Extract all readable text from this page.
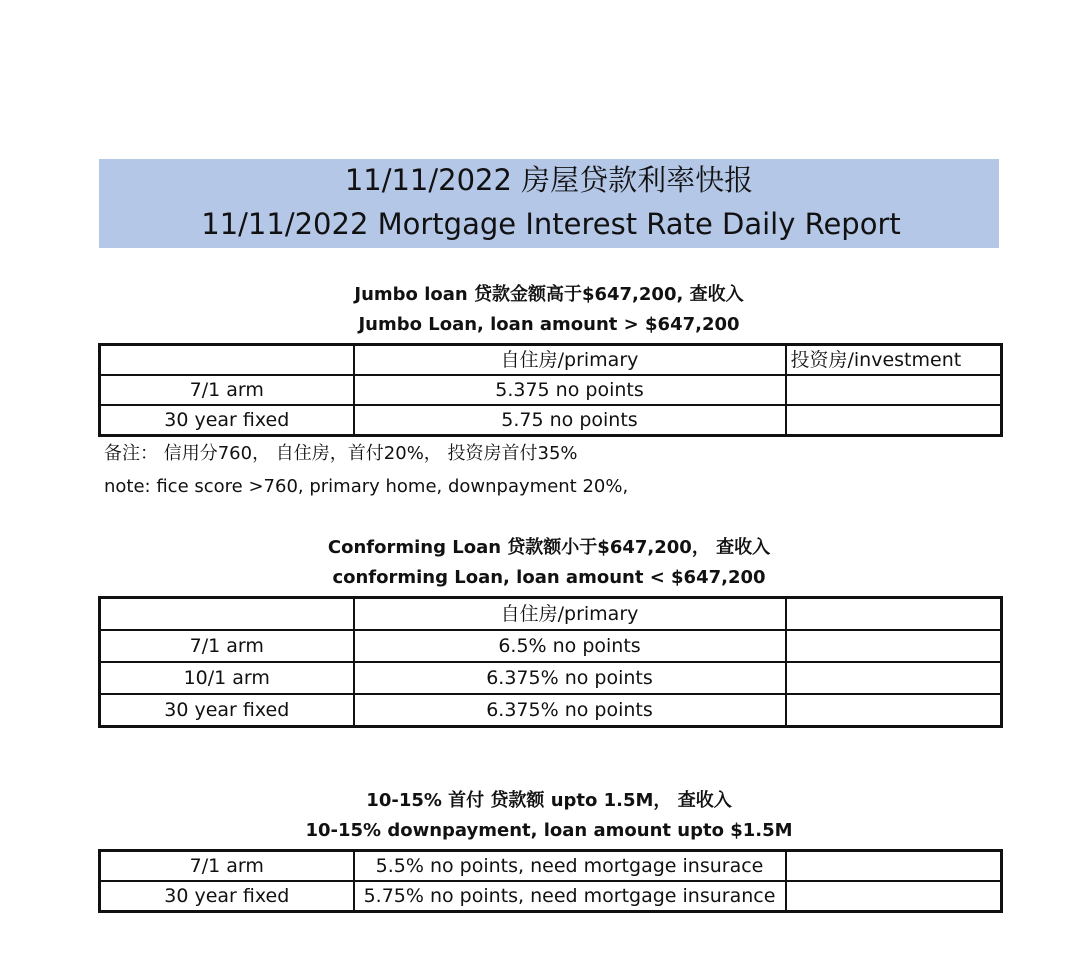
11/11/2022 房屋贷款利率快报
11/11/2022 Mortgage Interest Rate Daily Report
Jumbo loan 贷款金额高于$647,200, 查收入
Jumbo Loan, loan amount > $647,200
	自住房/primary	投资房/investment
7/1 arm	5.375 no points	
30 year fixed	5.75 no points	
备注： 信用分760， 自住房，首付20%， 投资房首付35%
note: fice score >760, primary home, downpayment 20%,
Conforming Loan 贷款额小于$647,200， 查收入
conforming Loan, loan amount < $647,200
	自住房/primary	
7/1 arm	6.5% no points	
10/1 arm	6.375% no points	
30 year fixed	6.375% no points	
10-15% 首付 贷款额 upto 1.5M， 查收入
10-15% downpayment, loan amount upto $1.5M
7/1 arm	5.5% no points, need mortgage insurace	
30 year fixed	5.75% no points, need mortgage insurance	
